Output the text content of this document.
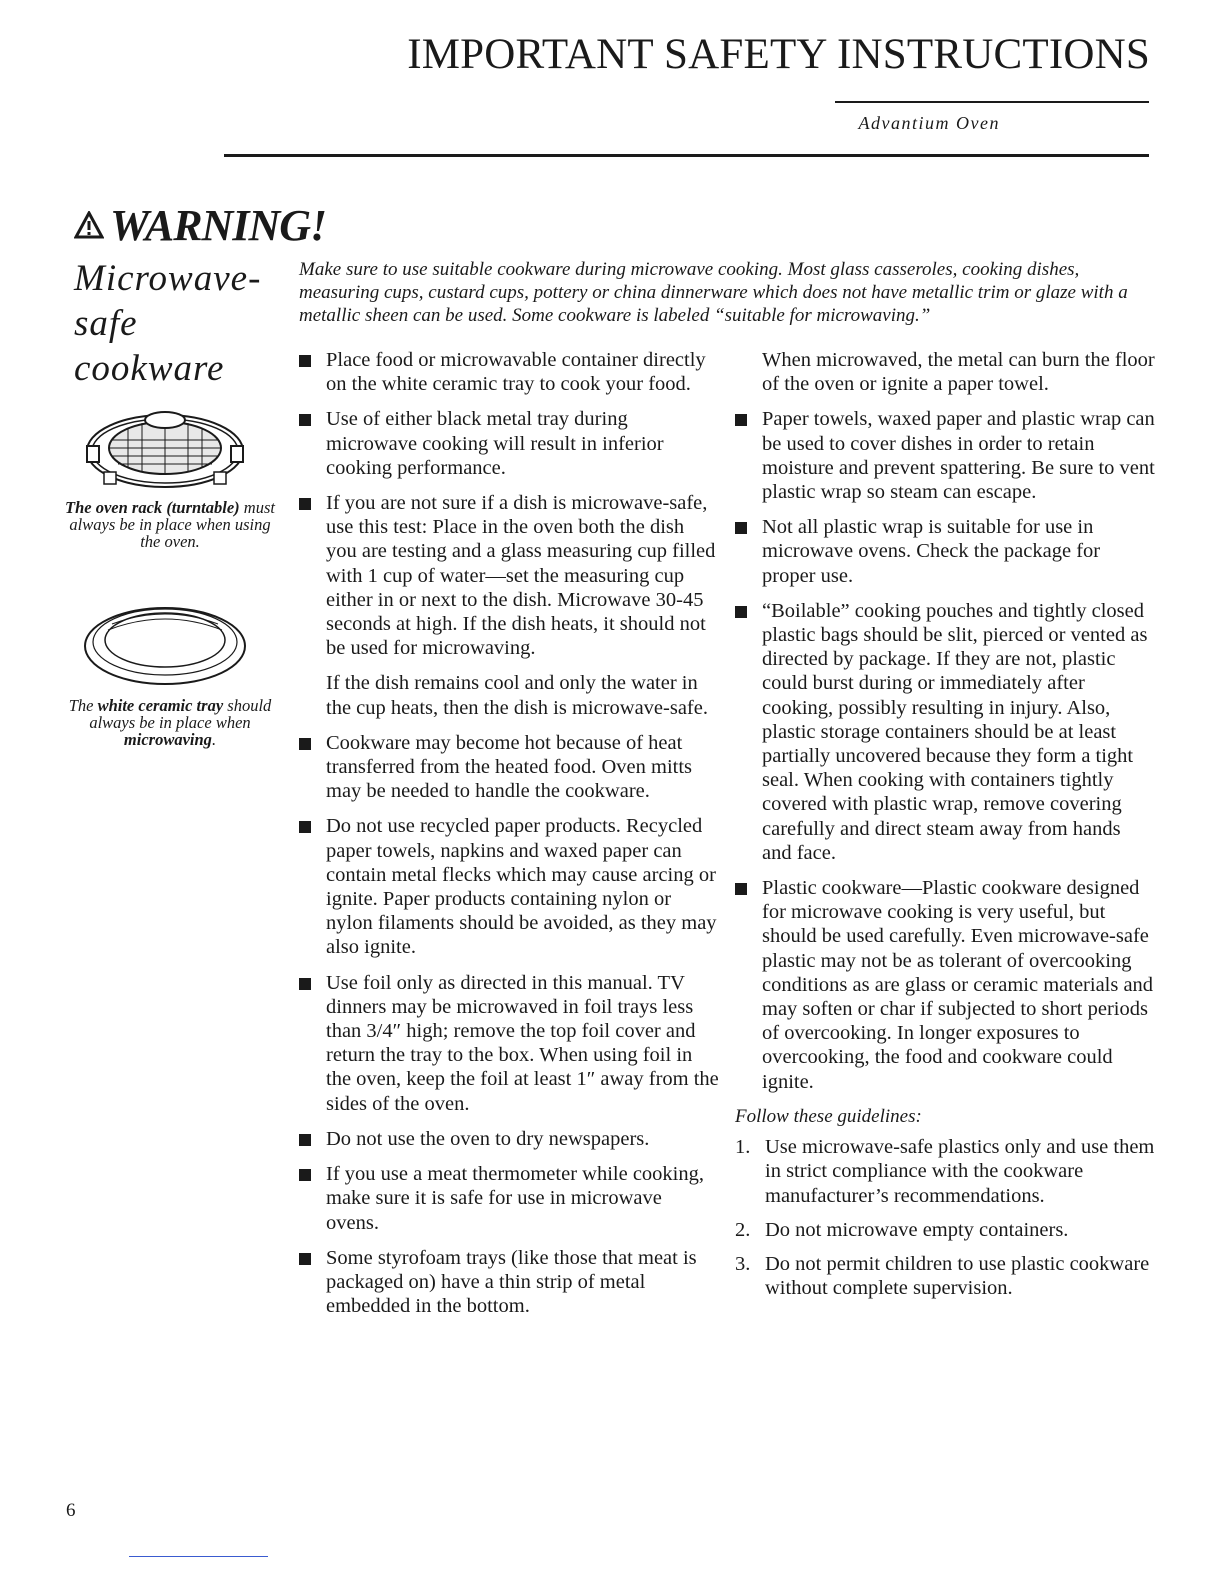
IMPORTANT SAFETY INSTRUCTIONS
Advantium Oven
WARNING!
Microwave-
safe
cookware
The oven rack (turntable) must always be in place when using the oven.
The white ceramic tray should always be in place when microwaving.
Make sure to use suitable cookware during microwave cooking. Most glass casseroles, cooking dishes, measuring cups, custard cups, pottery or china dinnerware which does not have metallic trim or glaze with a metallic sheen can be used. Some cookware is labeled “suitable for microwaving.”

Place food or microwavable container directly on the white ceramic tray to cook your food.

Use of either black metal tray during microwave cooking will result in inferior cooking performance.

If you are not sure if a dish is microwave-safe, use this test: Place in the oven both the dish you are testing and a glass measuring cup filled with 1 cup of water—set the measuring cup either in or next to the dish. Microwave 30-45 seconds at high. If the dish heats, it should not be used for microwaving.

If the dish remains cool and only the water in the cup heats, then the dish is microwave-safe.

Cookware may become hot because of heat transferred from the heated food. Oven mitts may be needed to handle the cookware.

Do not use recycled paper products. Recycled paper towels, napkins and waxed paper can contain metal flecks which may cause arcing or ignite. Paper products containing nylon or nylon filaments should be avoided, as they may also ignite.

Use foil only as directed in this manual. TV dinners may be microwaved in foil trays less than 3/4″ high; remove the top foil cover and return the tray to the box. When using foil in the oven, keep the foil at least 1″ away from the sides of the oven.

Do not use the oven to dry newspapers.

If you use a meat thermometer while cooking, make sure it is safe for use in microwave ovens.

Some styrofoam trays (like those that meat is packaged on) have a thin strip of metal embedded in the bottom.

When microwaved, the metal can burn the floor of the oven or ignite a paper towel.

Paper towels, waxed paper and plastic wrap can be used to cover dishes in order to retain moisture and prevent spattering. Be sure to vent plastic wrap so steam can escape.

Not all plastic wrap is suitable for use in microwave ovens. Check the package for proper use.

“Boilable” cooking pouches and tightly closed plastic bags should be slit, pierced or vented as directed by package. If they are not, plastic could burst during or immediately after cooking, possibly resulting in injury. Also, plastic storage containers should be at least partially uncovered because they form a tight seal. When cooking with containers tightly covered with plastic wrap, remove covering carefully and direct steam away from hands and face.

Plastic cookware—Plastic cookware designed for microwave cooking is very useful, but should be used carefully. Even microwave-safe plastic may not be as tolerant of overcooking conditions as are glass or ceramic materials and may soften or char if subjected to short periods of overcooking. In longer exposures to overcooking, the food and cookware could ignite.

Follow these guidelines:

1. Use microwave-safe plastics only and use them in strict compliance with the cookware manufacturer’s recommendations.

2. Do not microwave empty containers.

3. Do not permit children to use plastic cookware without complete supervision.

6
